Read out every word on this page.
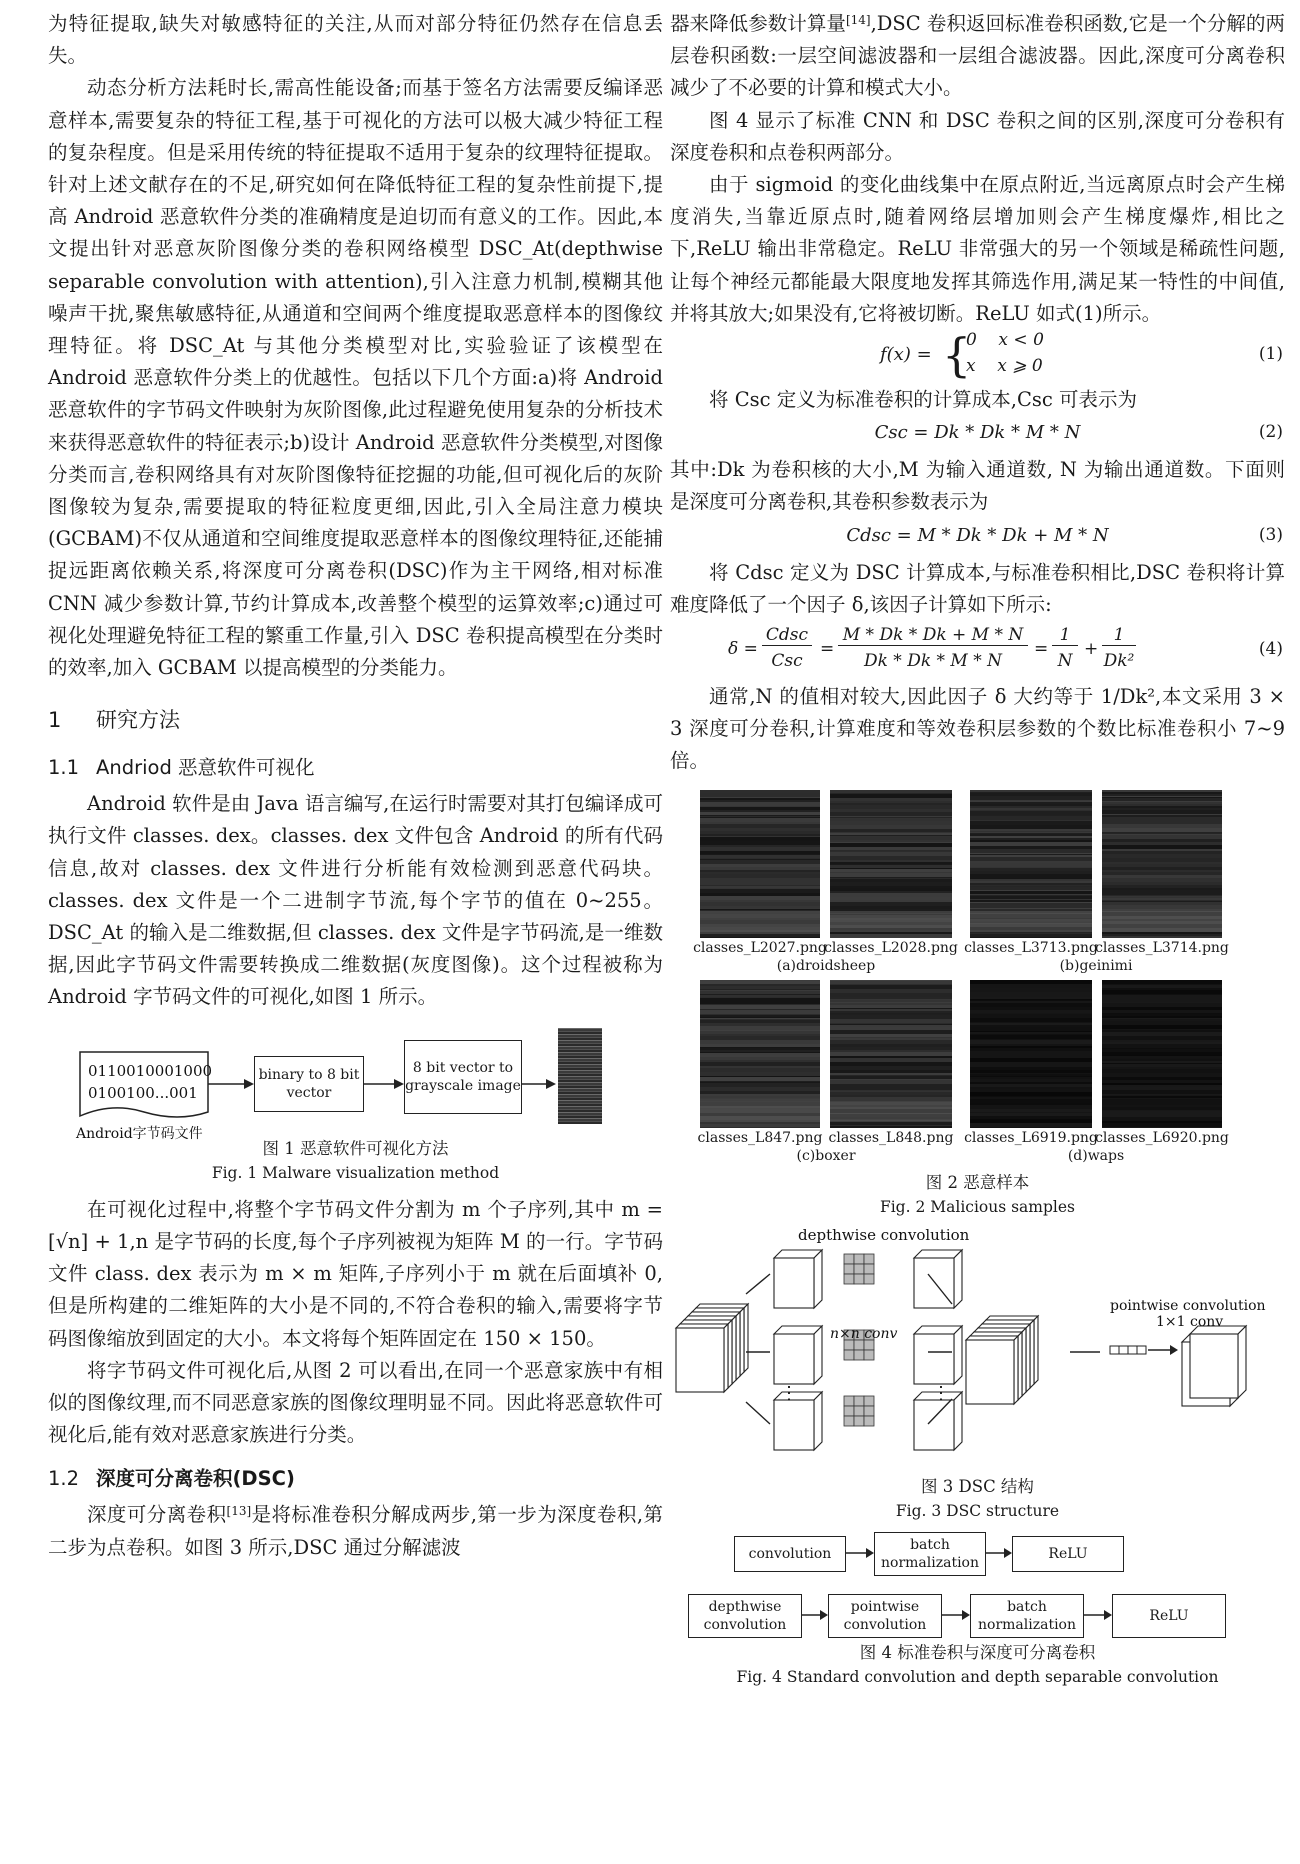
为特征提取,缺失对敏感特征的关注,从而对部分特征仍然存在信息丢失。

动态分析方法耗时长,需高性能设备;而基于签名方法需要反编译恶意样本,需要复杂的特征工程,基于可视化的方法可以极大减少特征工程的复杂程度。但是采用传统的特征提取不适用于复杂的纹理特征提取。针对上述文献存在的不足,研究如何在降低特征工程的复杂性前提下,提高 Android 恶意软件分类的准确精度是迫切而有意义的工作。因此,本文提出针对恶意灰阶图像分类的卷积网络模型 DSC_At(depthwise separable convolution with attention),引入注意力机制,模糊其他噪声干扰,聚焦敏感特征,从通道和空间两个维度提取恶意样本的图像纹理特征。将 DSC_At 与其他分类模型对比,实验验证了该模型在 Android 恶意软件分类上的优越性。包括以下几个方面:a)将 Android 恶意软件的字节码文件映射为灰阶图像,此过程避免使用复杂的分析技术来获得恶意软件的特征表示;b)设计 Android 恶意软件分类模型,对图像分类而言,卷积网络具有对灰阶图像特征挖掘的功能,但可视化后的灰阶图像较为复杂,需要提取的特征粒度更细,因此,引入全局注意力模块(GCBAM)不仅从通道和空间维度提取恶意样本的图像纹理特征,还能捕捉远距离依赖关系,将深度可分离卷积(DSC)作为主干网络,相对标准 CNN 减少参数计算,节约计算成本,改善整个模型的运算效率;c)通过可视化处理避免特征工程的繁重工作量,引入 DSC 卷积提高模型在分类时的效率,加入 GCBAM 以提高模型的分类能力。

1 研究方法
1.1 Andriod 恶意软件可视化

Android 软件是由 Java 语言编写,在运行时需要对其打包编译成可执行文件 classes. dex。classes. dex 文件包含 Android 的所有代码信息,故对 classes. dex 文件进行分析能有效检测到恶意代码块。classes. dex 文件是一个二进制字节流,每个字节的值在 0~255。DSC_At 的输入是二维数据,但 classes. dex 文件是字节码流,是一维数据,因此字节码文件需要转换成二维数据(灰度图像)。这个过程被称为 Android 字节码文件的可视化,如图 1 所示。

0110010001000
0100100...001
Android字节码文件
binary to 8 bit vector
8 bit vector to grayscale image
图 1 恶意软件可视化方法
Fig. 1 Malware visualization method

在可视化过程中,将整个字节码文件分割为 m 个子序列,其中 m = [√n] + 1,n 是字节码的长度,每个子序列被视为矩阵 M 的一行。字节码文件 class. dex 表示为 m × m 矩阵,子序列小于 m 就在后面填补 0,但是所构建的二维矩阵的大小是不同的,不符合卷积的输入,需要将字节码图像缩放到固定的大小。本文将每个矩阵固定在 150 × 150。

将字节码文件可视化后,从图 2 可以看出,在同一个恶意家族中有相似的图像纹理,而不同恶意家族的图像纹理明显不同。因此将恶意软件可视化后,能有效对恶意家族进行分类。

1.2 深度可分离卷积(DSC)

深度可分离卷积[13]是将标准卷积分解成两步,第一步为深度卷积,第二步为点卷积。如图 3 所示,DSC 通过分解滤波

器来降低参数计算量[14],DSC 卷积返回标准卷积函数,它是一个分解的两层卷积函数:一层空间滤波器和一层组合滤波器。因此,深度可分离卷积减少了不必要的计算和模式大小。

图 4 显示了标准 CNN 和 DSC 卷积之间的区别,深度可分卷积有深度卷积和点卷积两部分。

由于 sigmoid 的变化曲线集中在原点附近,当远离原点时会产生梯度消失,当靠近原点时,随着网络层增加则会产生梯度爆炸,相比之下,ReLU 输出非常稳定。ReLU 非常强大的另一个领域是稀疏性问题,让每个神经元都能最大限度地发挥其筛选作用,满足某一特性的中间值,并将其放大;如果没有,它将被切断。ReLU 如式(1)所示。

f(x) = {
0    x < 0
x    x ⩾ 0
(1)

将 Csc 定义为标准卷积的计算成本,Csc 可表示为

Csc = Dk * Dk * M * N	(2)

其中:Dk 为卷积核的大小,M 为输入通道数, N 为输出通道数。下面则是深度可分离卷积,其卷积参数表示为

Cdsc = M * Dk * Dk + M * N	(3)

将 Cdsc 定义为 DSC 计算成本,与标准卷积相比,DSC 卷积将计算难度降低了一个因子 δ,该因子计算如下所示:

δ =
Cdsc
Csc
=
M * Dk * Dk + M * N
Dk * Dk * M * N
=
1
N
+
1
Dk²
(4)

通常,N 的值相对较大,因此因子 δ 大约等于 1/Dk²,本文采用 3 × 3 深度可分卷积,计算难度和等效卷积层参数的个数比标准卷积小 7~9 倍。

classes_L2027.png
classes_L2028.png classes_L3713.png
classes_L3714.png
(a)droidsheep	(b)geinimi
classes_L847.png classes_L848.png classes_L6919.png
classes_L6920.png
(c)boxer	(d)waps
图 2 恶意样本
Fig. 2 Malicious samples
depthwise convolution
n×n conv
pointwise convolution
1×1 conv
⋮	⋮
图 3 DSC 结构
Fig. 3 DSC structure
convolution
batch normalization
ReLU
depthwise convolution
pointwise convolution
batch normalization
ReLU
图 4 标准卷积与深度可分离卷积
Fig. 4 Standard convolution and depth separable convolution
